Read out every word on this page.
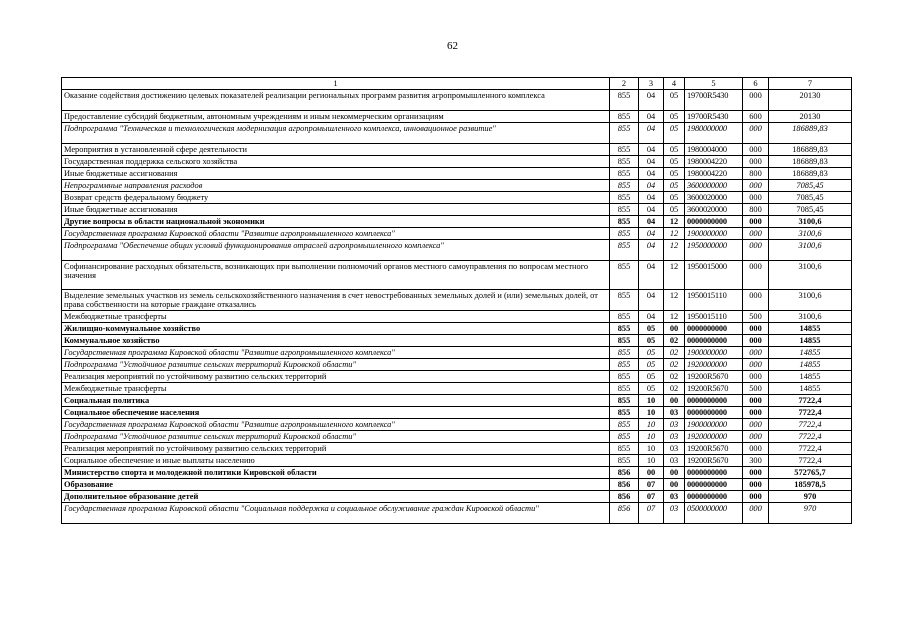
62
1	2	3	4	5	6	7
Оказание содействия достижению целевых показателей реализации региональных программ развития агропромышленного комплекса	855	04	05	19700R5430	000	20130
Предоставление субсидий бюджетным, автономным учреждениям и иным некоммерческим организациям	855	04	05	19700R5430	600	20130
Подпрограмма "Техническая и технологическая модернизация агропромышленного комплекса, инновационное развитие"	855	04	05	1980000000	000	186889,83
Мероприятия в установленной сфере деятельности	855	04	05	1980004000	000	186889,83
Государственная поддержка сельского хозяйства	855	04	05	1980004220	000	186889,83
Иные бюджетные ассигнования	855	04	05	1980004220	800	186889,83
Непрограммные направления расходов	855	04	05	3600000000	000	7085,45
Возврат средств федеральному бюджету	855	04	05	3600020000	000	7085,45
Иные бюджетные ассигнования	855	04	05	3600020000	800	7085,45
Другие вопросы в области национальной экономики	855	04	12	0000000000	000	3100,6
Государственная программа Кировской области "Развитие агропромышленного комплекса"	855	04	12	1900000000	000	3100,6
Подпрограмма "Обеспечение общих условий функционирования отраслей агропромышленного комплекса"	855	04	12	1950000000	000	3100,6
Софинансирование расходных обязательств, возникающих при выполнении полномочий органов местного самоуправления по вопросам местного значения	855	04	12	1950015000	000	3100,6
Выделение земельных участков из земель сельскохозяйственного назначения в счет невостребованных земельных долей и (или) земельных долей, от права собственности на которые граждане отказались	855	04	12	1950015110	000	3100,6
Межбюджетные трансферты	855	04	12	1950015110	500	3100,6
Жилищно-коммунальное хозяйство	855	05	00	0000000000	000	14855
Коммунальное хозяйство	855	05	02	0000000000	000	14855
Государственная программа Кировской области "Развитие агропромышленного комплекса"	855	05	02	1900000000	000	14855
Подпрограмма "Устойчивое развитие сельских территорий Кировской области"	855	05	02	1920000000	000	14855
Реализация мероприятий по устойчивому развитию сельских территорий	855	05	02	19200R5670	000	14855
Межбюджетные трансферты	855	05	02	19200R5670	500	14855
Социальная политика	855	10	00	0000000000	000	7722,4
Социальное обеспечение населения	855	10	03	0000000000	000	7722,4
Государственная программа Кировской области "Развитие агропромышленного комплекса"	855	10	03	1900000000	000	7722,4
Подпрограмма "Устойчивое развитие сельских территорий Кировской области"	855	10	03	1920000000	000	7722,4
Реализация мероприятий по устойчивому развитию сельских территорий	855	10	03	19200R5670	000	7722,4
Социальное обеспечение и иные выплаты населению	855	10	03	19200R5670	300	7722,4
Министерство спорта и молодежной политики Кировской области	856	00	00	0000000000	000	572765,7
Образование	856	07	00	0000000000	000	185978,5
Дополнительное образование детей	856	07	03	0000000000	000	970
Государственная программа Кировской области "Социальная поддержка и социальное обслуживание граждан Кировской области"	856	07	03	0500000000	000	970
